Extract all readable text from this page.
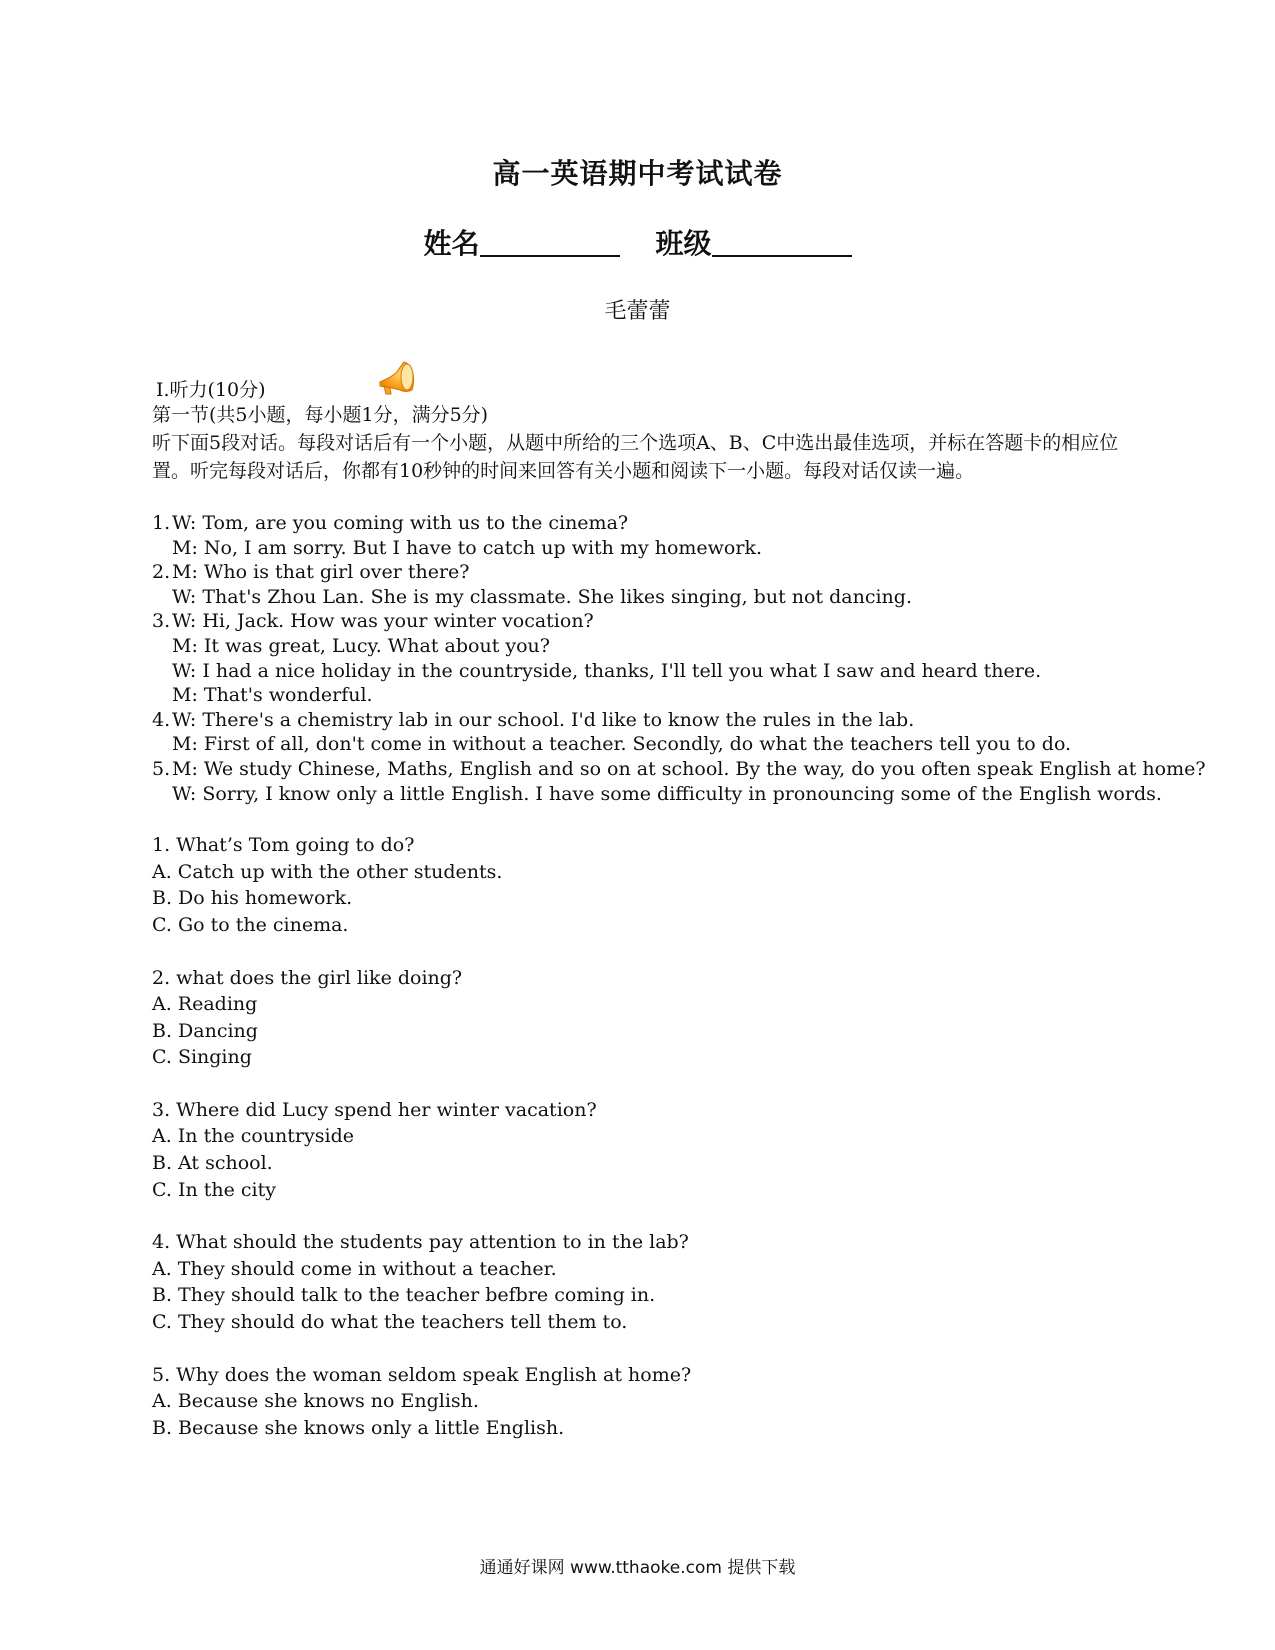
高一英语期中考试试卷
姓名	班级
毛蕾蕾
Ⅰ.听力(10分)
第一节(共5小题，每小题1分，满分5分)
听下面5段对话。每段对话后有一个小题，从题中所给的三个选项A、B、C中选出最佳选项，并标在答题卡的相应位置。听完每段对话后，你都有10秒钟的时间来回答有关小题和阅读下一小题。每段对话仅读一遍。
1.W: Tom, are you coming with us to the cinema?
M: No, I am sorry. But I have to catch up with my homework.
2.M: Who is that girl over there?
W: That's Zhou Lan. She is my classmate. She likes singing, but not dancing.
3.W: Hi, Jack. How was your winter vocation?
M: It was great, Lucy. What about you?
W: I had a nice holiday in the countryside, thanks, I'll tell you what I saw and heard there.
M: That's wonderful.
4.W: There's a chemistry lab in our school. I'd like to know the rules in the lab.
M: First of all, don't come in without a teacher. Secondly, do what the teachers tell you to do.
5.M: We study Chinese, Maths, English and so on at school. By the way, do you often speak English at home?
W: Sorry, I know only a little English. I have some difficulty in pronouncing some of the English words.
1. What’s Tom going to do?
A. Catch up with the other students.
B. Do his homework.
C. Go to the cinema.
2. what does the girl like doing?
A. Reading
B. Dancing
C. Singing
3. Where did Lucy spend her winter vacation?
A. In the countryside
B. At school.
C. In the city
4. What should the students pay attention to in the lab?
A. They should come in without a teacher.
B. They should talk to the teacher befbre coming in.
C. They should do what the teachers tell them to.
5. Why does the woman seldom speak English at home?
A. Because she knows no English.
B. Because she knows only a little English.
通通好课网 www.tthaoke.com 提供下载
